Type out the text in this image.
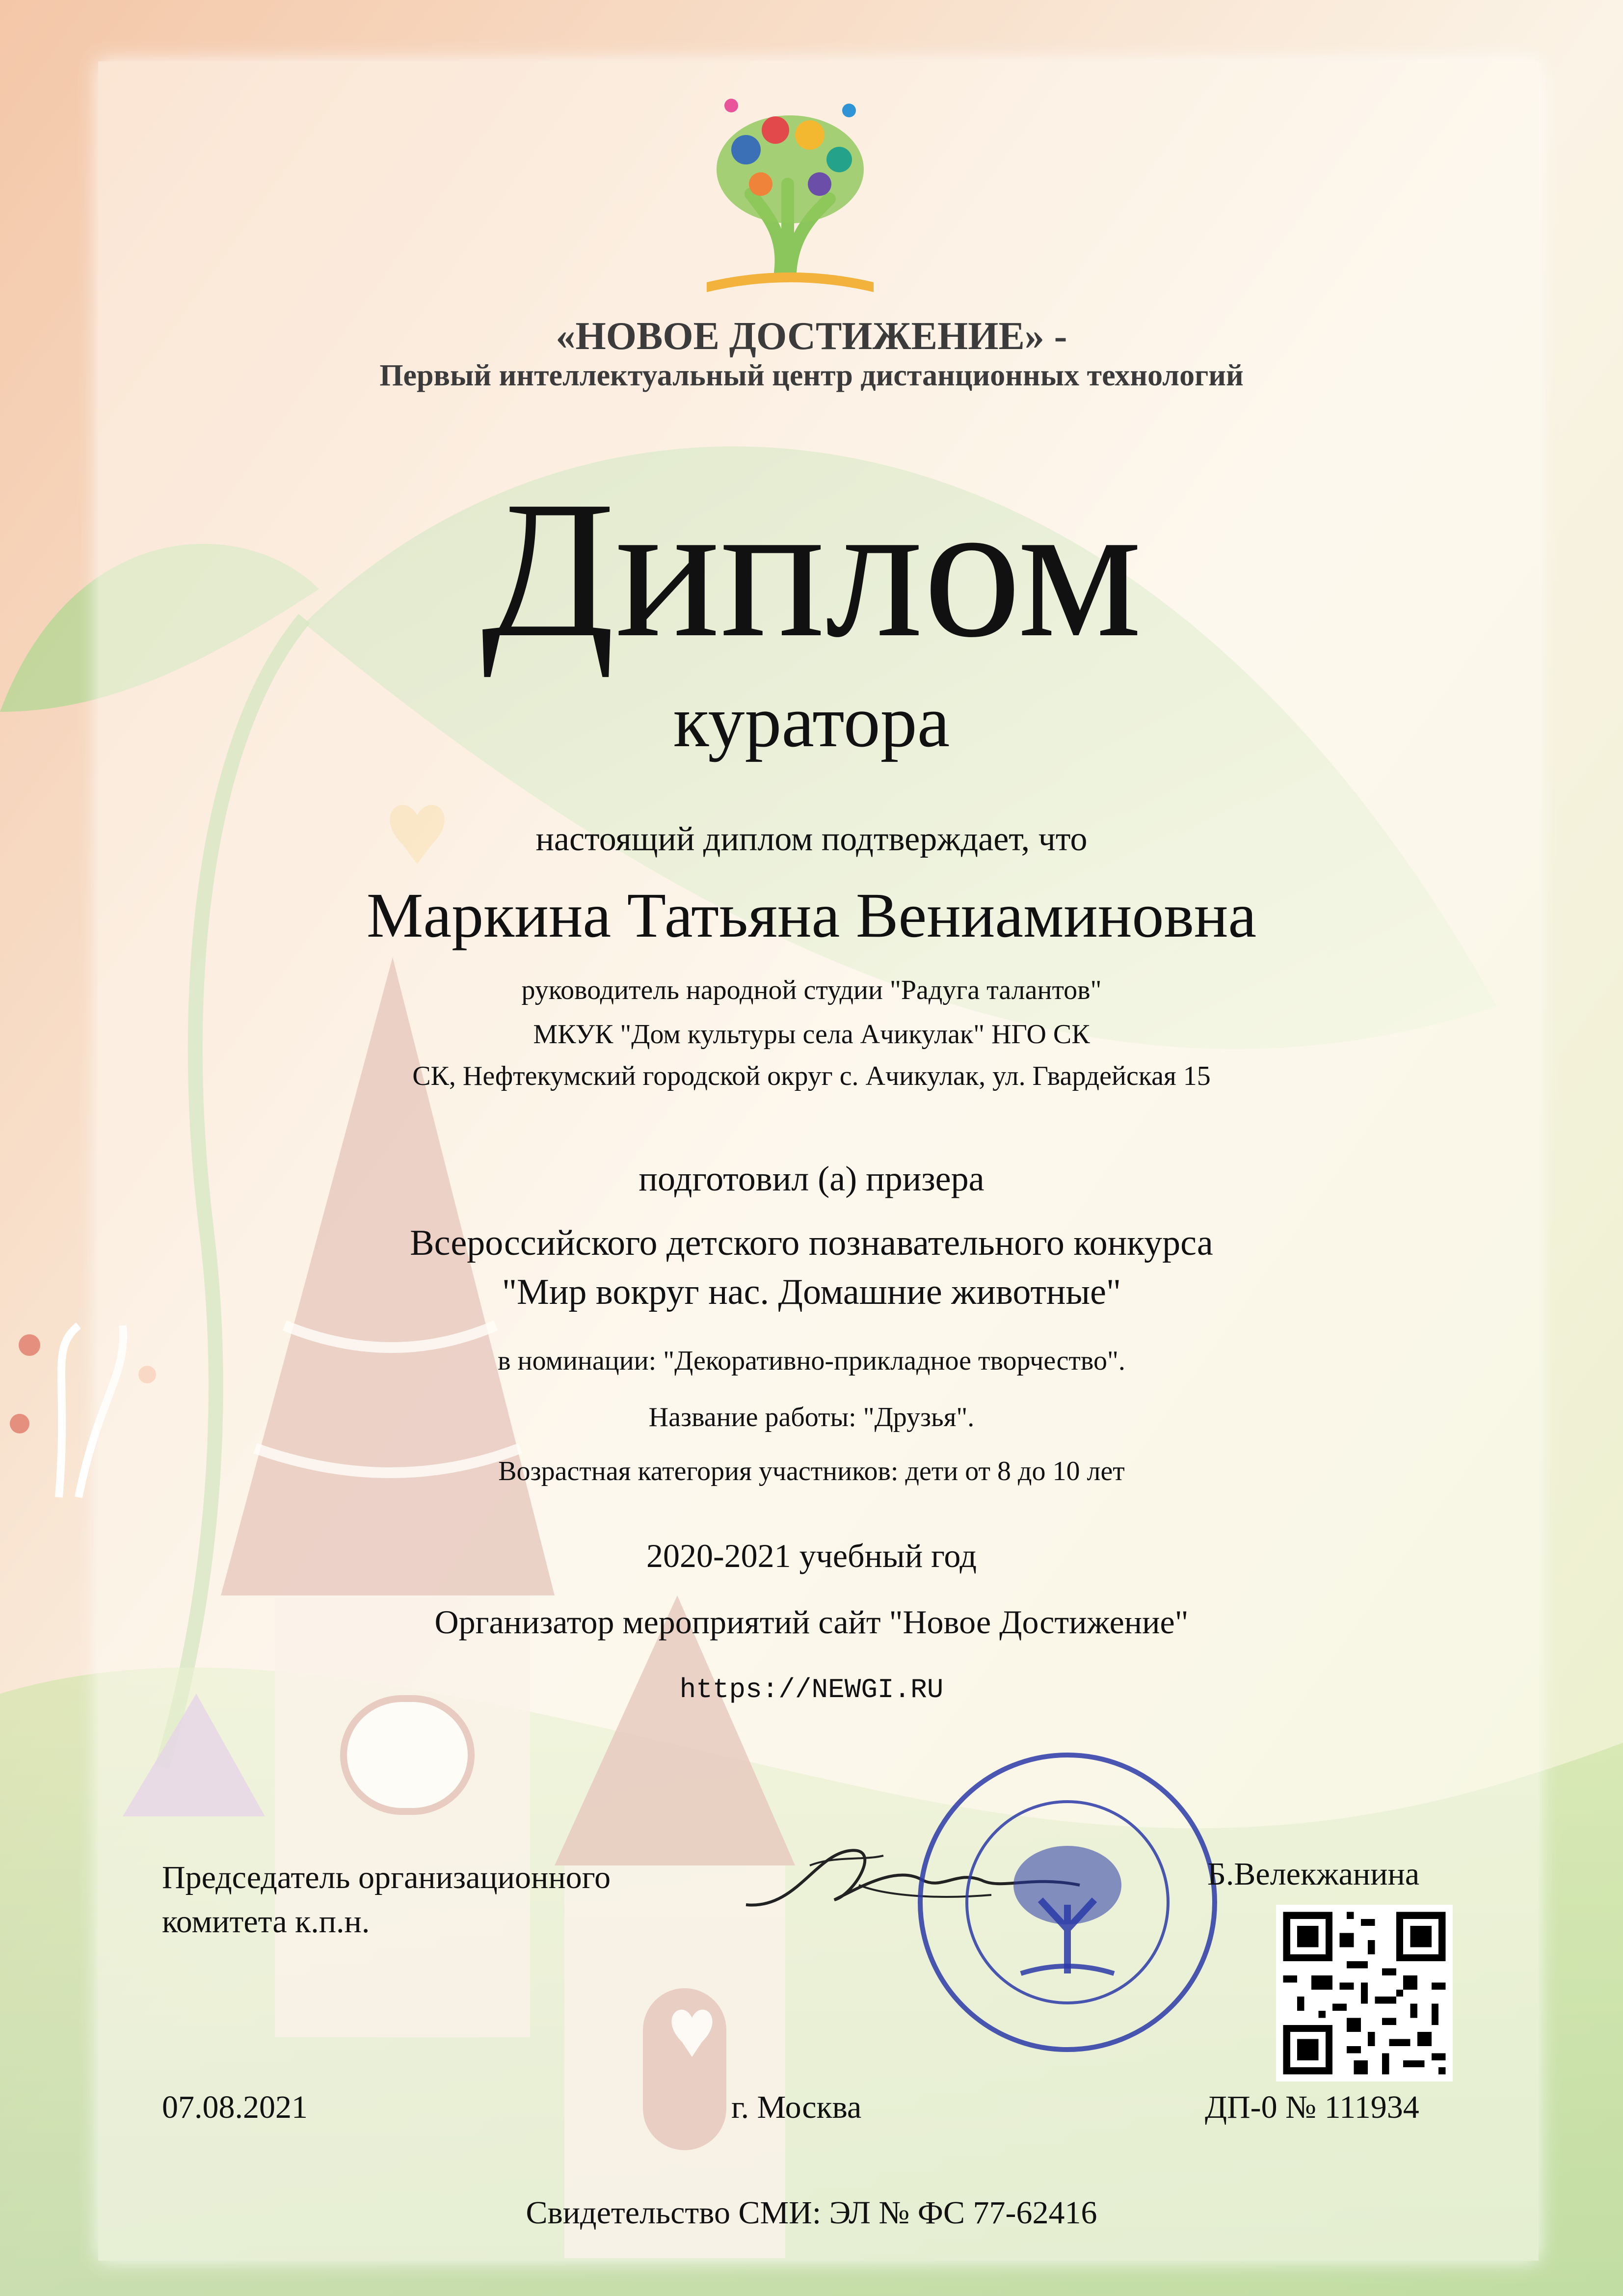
«НОВОЕ ДОСТИЖЕНИЕ» -
Первый интеллектуальный центр дистанционных технологий
Диплом
куратора
настоящий диплом подтверждает, что
Маркина Татьяна Вениаминовна
руководитель народной студии "Радуга талантов"
МКУК "Дом культуры села Ачикулак" НГО СК
СК, Нефтекумский городской округ с. Ачикулак, ул. Гвардейская 15
подготовил (а) призера
Всероссийского детского познавательного конкурса
"Мир вокруг нас. Домашние животные"
в номинации: "Декоративно-прикладное творчество".
Название работы: "Друзья".
Возрастная категория участников: дети от 8 до 10 лет
2020-2021 учебный год
Организатор мероприятий сайт "Новое Достижение"
https://NEWGI.RU
Председатель организационного
комитета к.п.н.
Б.Велекжанина
07.08.2021	г. Москва	ДП-0 № 111934
Свидетельство СМИ: ЭЛ № ФС 77-62416
